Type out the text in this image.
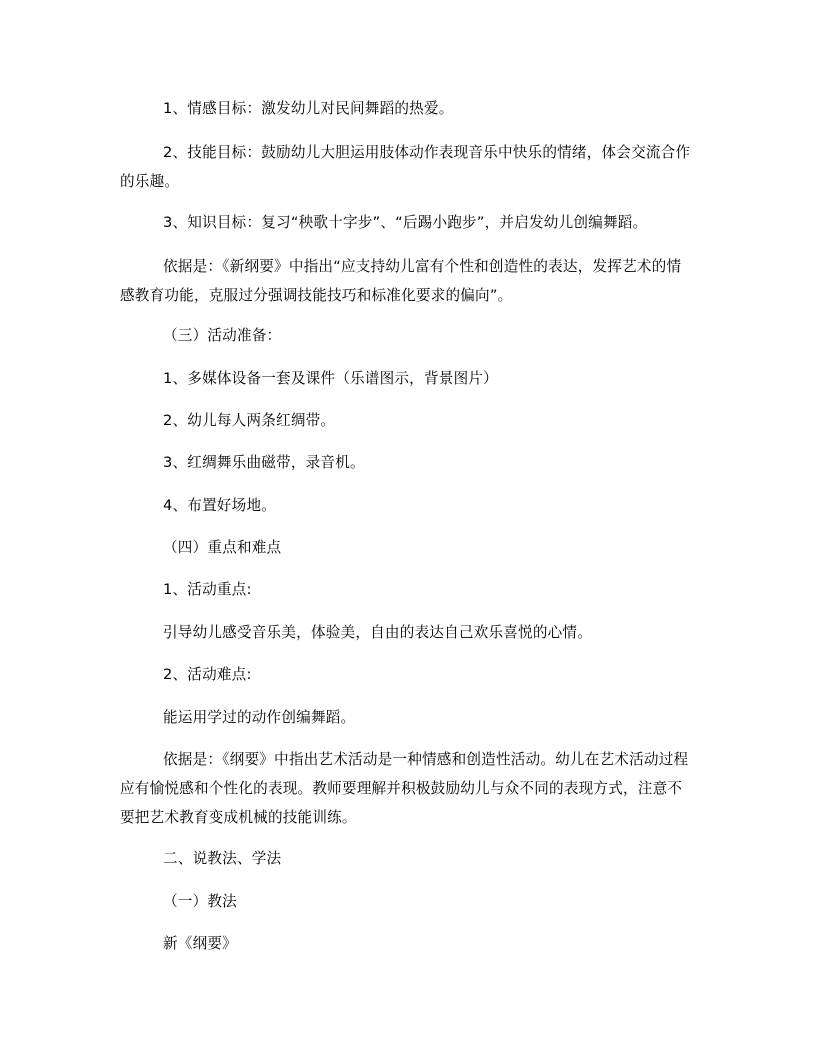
1、情感目标：激发幼儿对民间舞蹈的热爱。
2、技能目标：鼓励幼儿大胆运用肢体动作表现音乐中快乐的情绪，体会交流合作的乐趣。
3、知识目标：复习“秧歌十字步”、“后踢小跑步”，并启发幼儿创编舞蹈。
依据是：《新纲要》中指出“应支持幼儿富有个性和创造性的表达，发挥艺术的情感教育功能，克服过分强调技能技巧和标准化要求的偏向”。
（三）活动准备：
1、多媒体设备一套及课件（乐谱图示，背景图片）
2、幼儿每人两条红绸带。
3、红绸舞乐曲磁带，录音机。
4、布置好场地。
（四）重点和难点
1、活动重点:
引导幼儿感受音乐美，体验美，自由的表达自己欢乐喜悦的心情。
2、活动难点:
能运用学过的动作创编舞蹈。
依据是：《纲要》中指出艺术活动是一种情感和创造性活动。幼儿在艺术活动过程应有愉悦感和个性化的表现。教师要理解并积极鼓励幼儿与众不同的表现方式，注意不要把艺术教育变成机械的技能训练。
二、说教法、学法
（一）教法
新《纲要》
